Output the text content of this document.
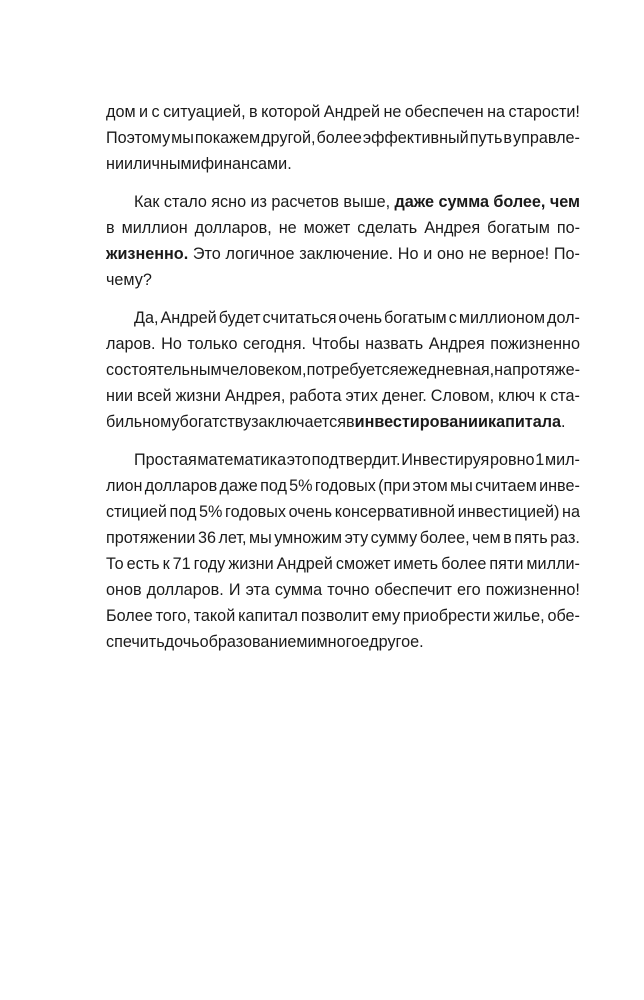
дом и с ситуацией, в которой Андрей не обеспечен на старости!
Поэтому мы покажем другой, более эффективный путь в управле-
нии личными финансами.
Как стало ясно из расчетов выше, даже сумма более, чем
в миллион долларов, не может сделать Андрея богатым по-
жизненно. Это логичное заключение. Но и оно не верное! По-
чему?
Да, Андрей будет считаться очень богатым с миллионом дол-
ларов. Но только сегодня. Чтобы назвать Андрея пожизненно
состоятельным человеком, потребуется ежедневная, на протяже-
нии всей жизни Андрея, работа этих денег. Словом, ключ к ста-
бильному богатству заключается в инвестировании капитала.
Простая математика это подтвердит. Инвестируя ровно 1 мил-
лион долларов даже под 5% годовых (при этом мы считаем инве-
стицией под 5% годовых очень консервативной инвестицией) на
протяжении 36 лет, мы умножим эту сумму более, чем в пять раз.
То есть к 71 году жизни Андрей сможет иметь более пяти милли-
онов долларов. И эта сумма точно обеспечит его пожизненно!
Более того, такой капитал позволит ему приобрести жилье, обе-
спечить дочь образованием и многое другое.
